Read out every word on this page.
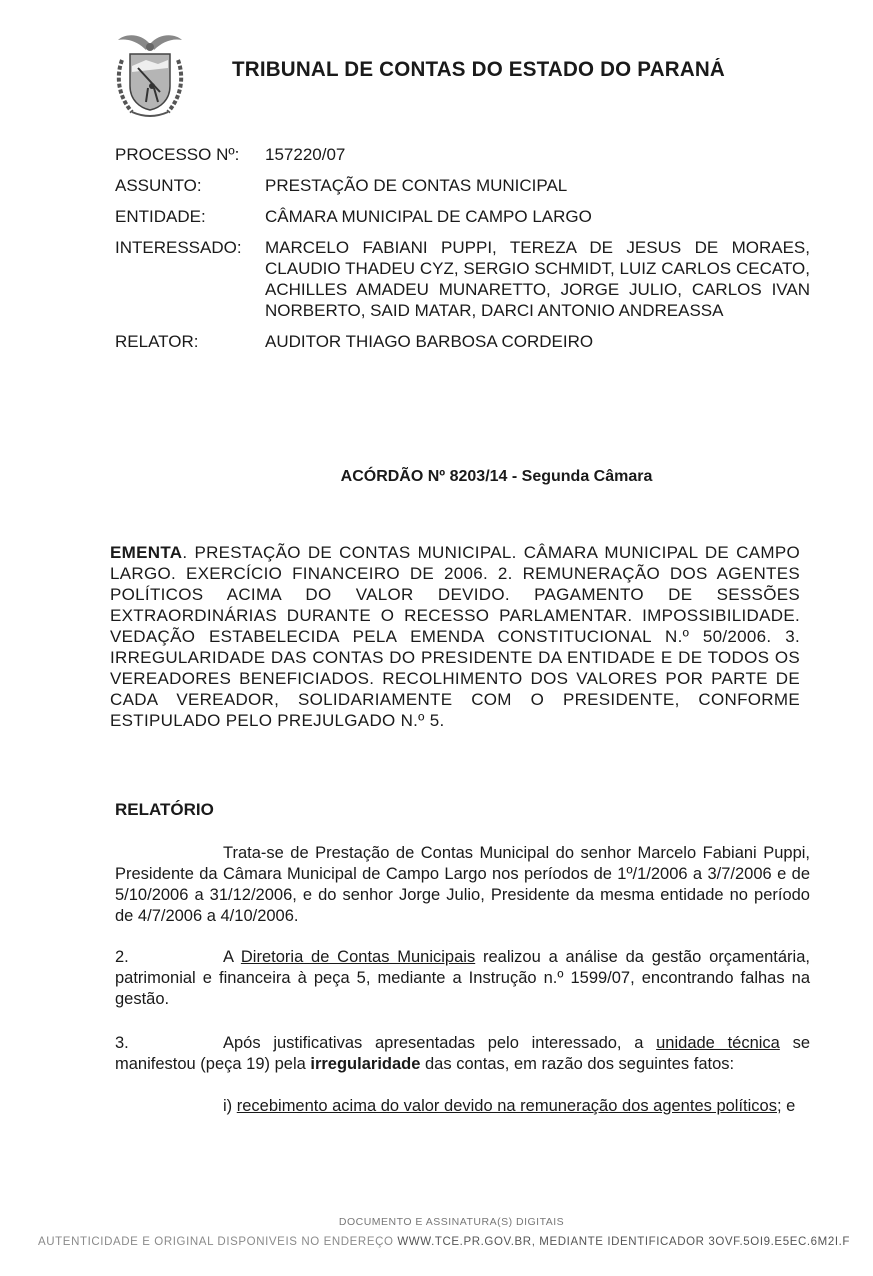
TRIBUNAL DE CONTAS DO ESTADO DO PARANÁ
PROCESSO Nº:	157220/07
ASSUNTO:	PRESTAÇÃO DE CONTAS MUNICIPAL
ENTIDADE:	CÂMARA MUNICIPAL DE CAMPO LARGO
INTERESSADO:	MARCELO FABIANI PUPPI, TEREZA DE JESUS DE MORAES, CLAUDIO THADEU CYZ, SERGIO SCHMIDT, LUIZ CARLOS CECATO, ACHILLES AMADEU MUNARETTO, JORGE JULIO, CARLOS IVAN NORBERTO, SAID MATAR, DARCI ANTONIO ANDREASSA
RELATOR:	AUDITOR THIAGO BARBOSA CORDEIRO
ACÓRDÃO Nº 8203/14 - Segunda Câmara
EMENTA. PRESTAÇÃO DE CONTAS MUNICIPAL. CÂMARA MUNICIPAL DE CAMPO LARGO. EXERCÍCIO FINANCEIRO DE 2006. 2. REMUNERAÇÃO DOS AGENTES POLÍTICOS ACIMA DO VALOR DEVIDO. PAGAMENTO DE SESSÕES EXTRAORDINÁRIAS DURANTE O RECESSO PARLAMENTAR. IMPOSSIBILIDADE. VEDAÇÃO ESTABELECIDA PELA EMENDA CONSTITUCIONAL N.º 50/2006. 3. IRREGULARIDADE DAS CONTAS DO PRESIDENTE DA ENTIDADE E DE TODOS OS VEREADORES BENEFICIADOS. RECOLHIMENTO DOS VALORES POR PARTE DE CADA VEREADOR, SOLIDARIAMENTE COM O PRESIDENTE, CONFORME ESTIPULADO PELO PREJULGADO N.º 5.
RELATÓRIO
Trata-se de Prestação de Contas Municipal do senhor Marcelo Fabiani Puppi, Presidente da Câmara Municipal de Campo Largo nos períodos de 1º/1/2006 a 3/7/2006 e de 5/10/2006 a 31/12/2006, e do senhor Jorge Julio, Presidente da mesma entidade no período de 4/7/2006 a 4/10/2006.
2.	A Diretoria de Contas Municipais realizou a análise da gestão orçamentária, patrimonial e financeira à peça 5, mediante a Instrução n.º 1599/07, encontrando falhas na gestão.
3.	Após justificativas apresentadas pelo interessado, a unidade técnica se manifestou (peça 19) pela irregularidade das contas, em razão dos seguintes fatos:
i) recebimento acima do valor devido na remuneração dos agentes políticos; e
DOCUMENTO E ASSINATURA(S) DIGITAIS
AUTENTICIDADE E ORIGINAL DISPONIVEIS NO ENDEREÇO WWW.TCE.PR.GOV.BR, MEDIANTE IDENTIFICADOR 3OVF.5OI9.E5EC.6M2I.F
